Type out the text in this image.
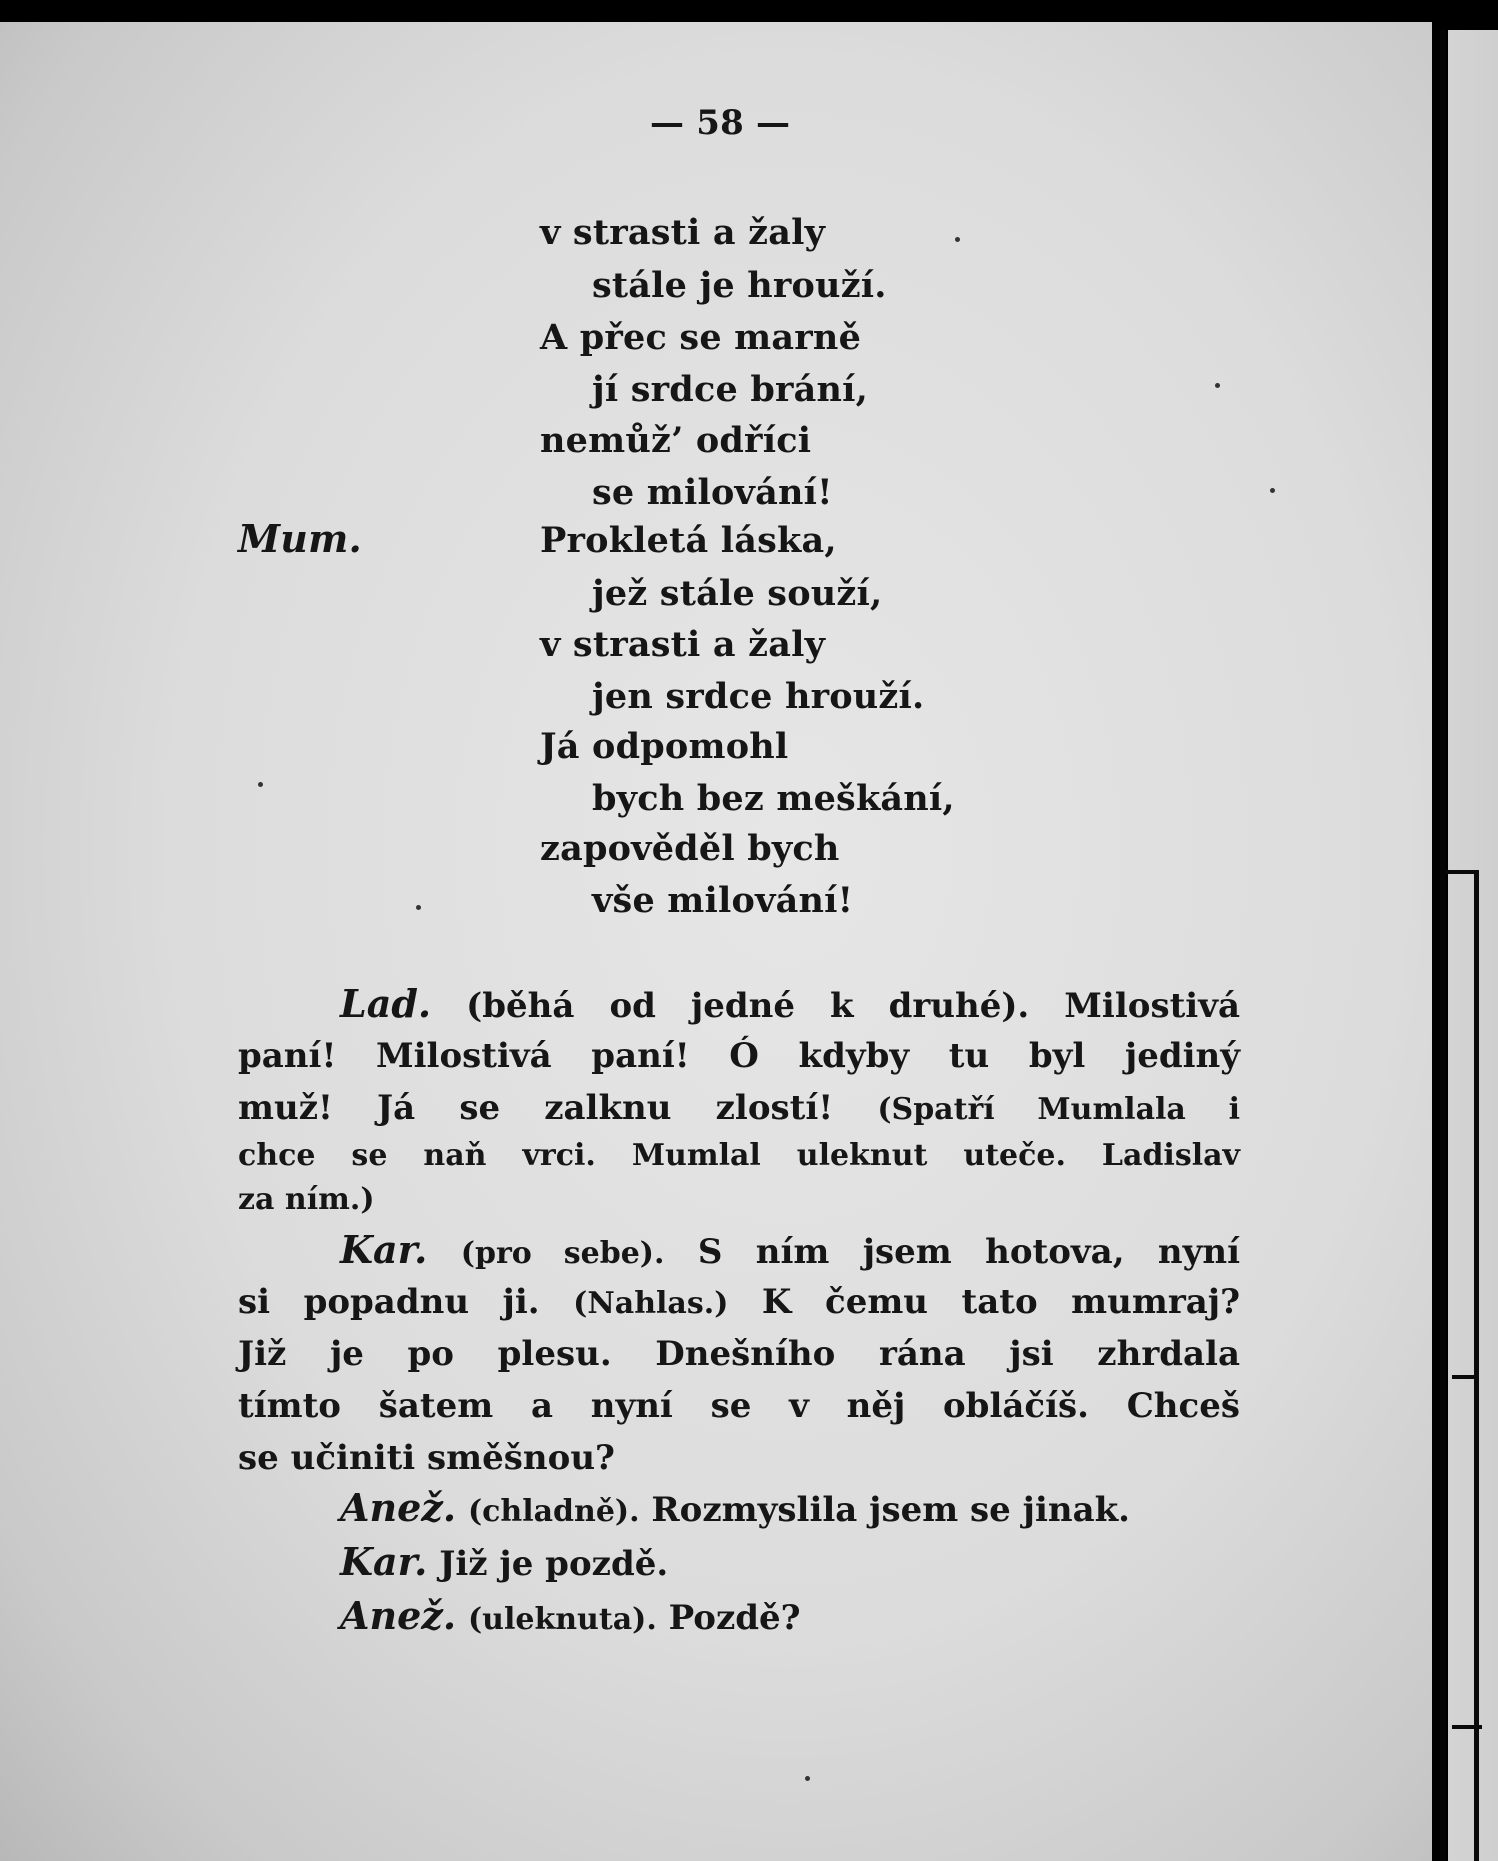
— 58 —
Mum.
v strasti a žaly
stále je hrouží.
A přec se marně
jí srdce brání,
nemůž’ odříci
se milování!
Prokletá láska,
jež stále souží,
v strasti a žaly
jen srdce hrouží.
Já odpomohl
bych bez meškání,
zapověděl bych
vše milování!
Lad. (běhá od jedné k druhé). Milostivá
paní! Milostivá paní! Ó kdyby tu byl jediný
muž! Já se zalknu zlostí! (Spatří Mumlala i
chce se naň vrci. Mumlal uleknut uteče. Ladislav
za ním.)
Kar. (pro sebe). S ním jsem hotova, nyní
si popadnu ji. (Nahlas.) K čemu tato mumraj?
Již je po plesu. Dnešního rána jsi zhrdala
tímto šatem a nyní se v něj obláčíš. Chceš
se učiniti směšnou?
Anež. (chladně). Rozmyslila jsem se jinak.
Kar. Již je pozdě.
Anež. (uleknuta). Pozdě?
